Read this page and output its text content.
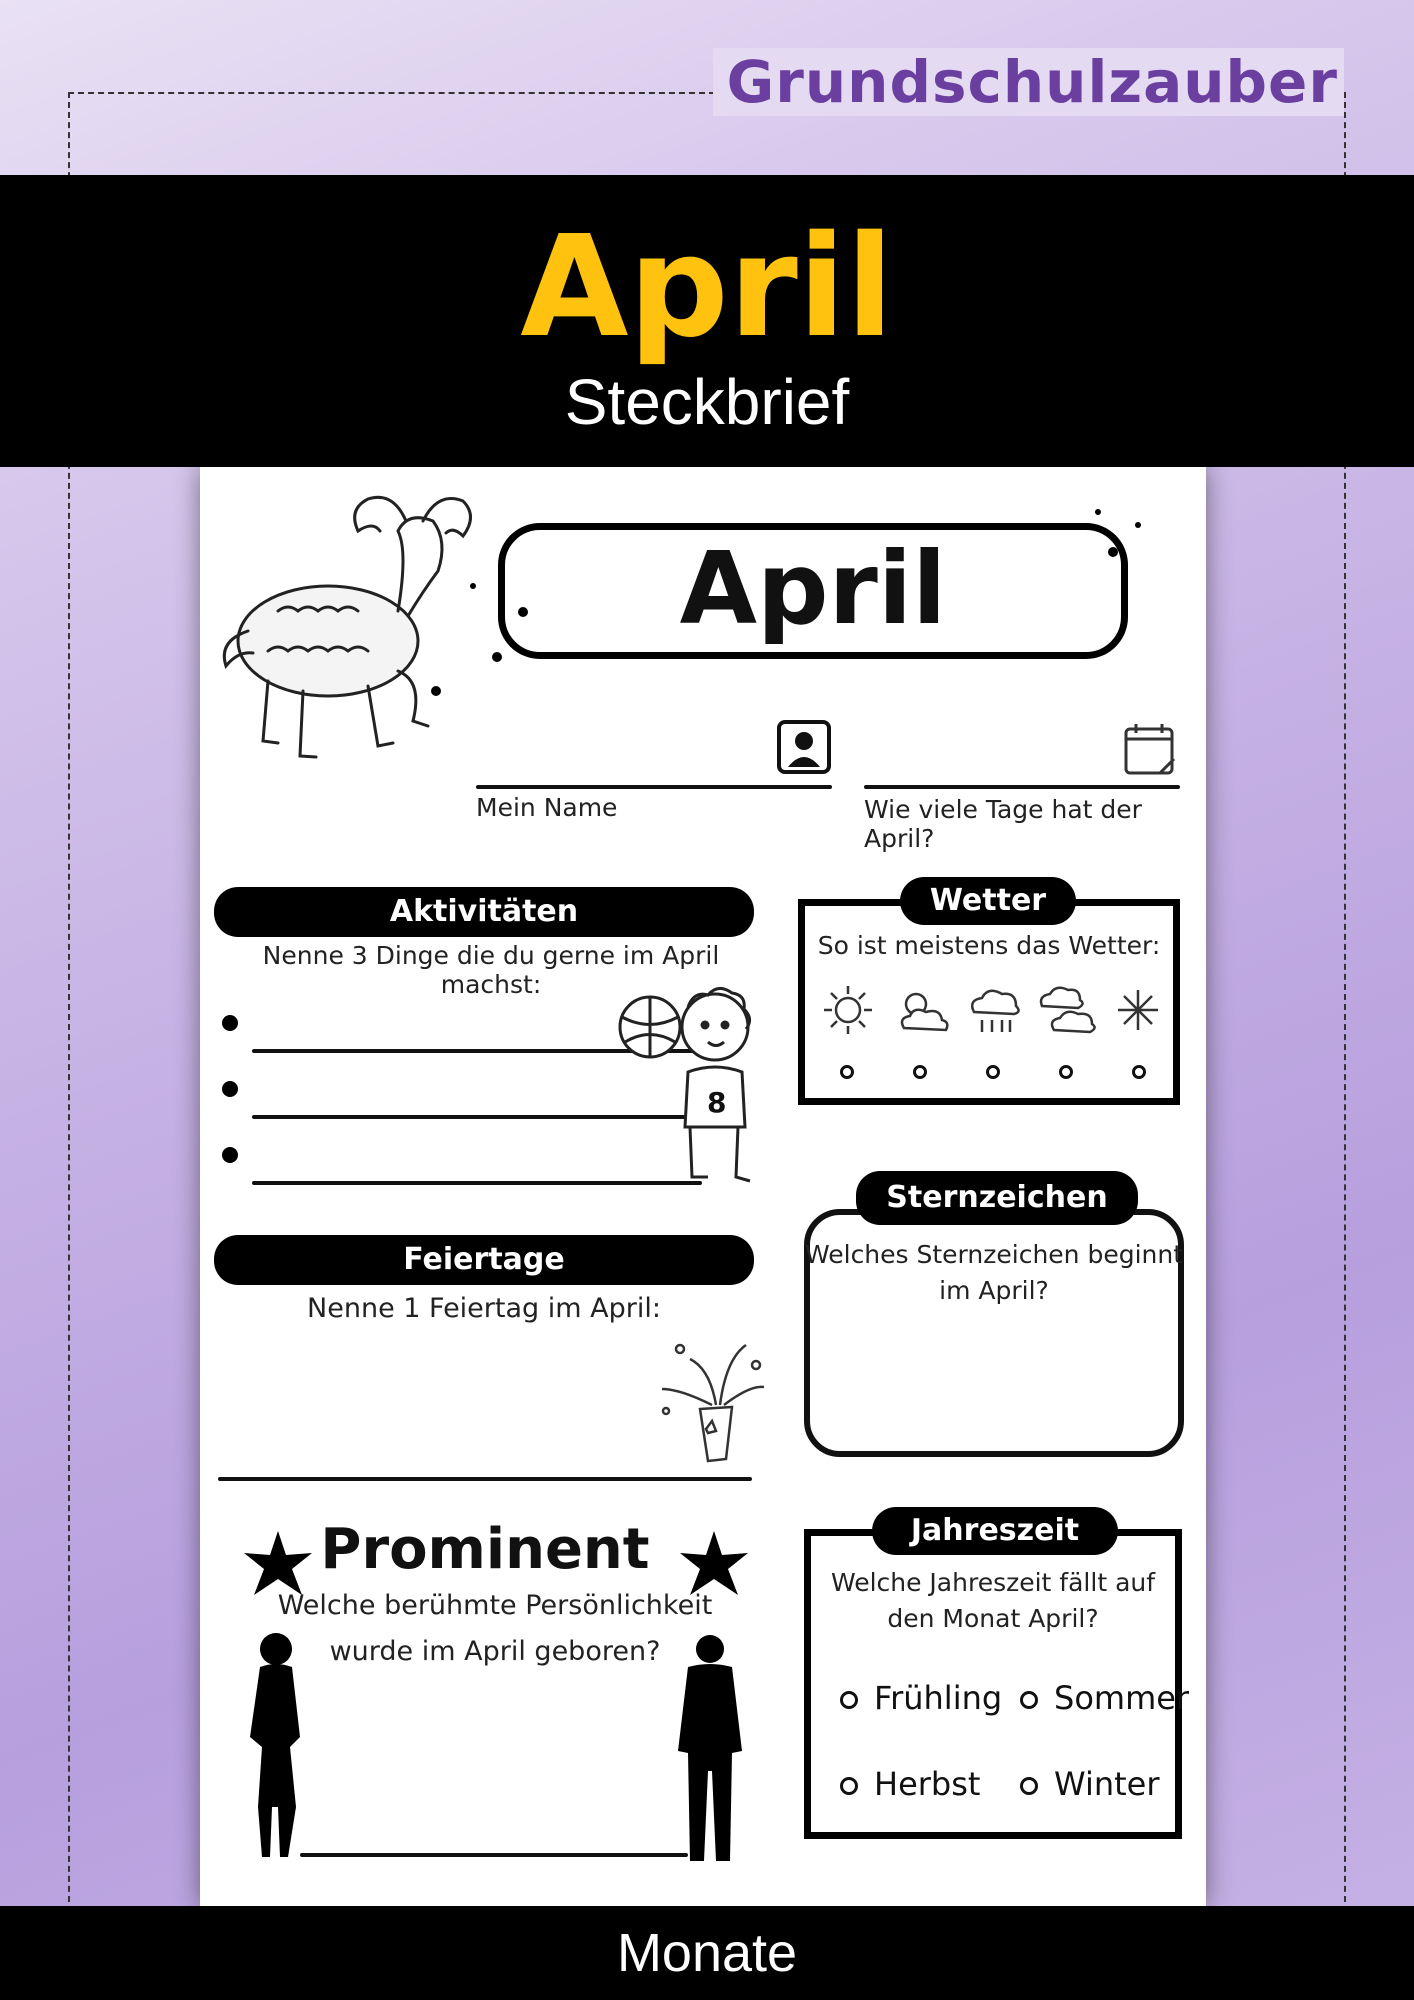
Grundschulzauber
April
Steckbrief
April
Mein Name	Wie viele Tage hat der April?
Aktivitäten
Nenne 3 Dinge die du gerne im April machst:
8
Wetter
So ist meistens das Wetter:
Feiertage
Nenne 1 Feiertag im April:
Sternzeichen
Welches Sternzeichen beginnt
im April?
Prominent
Welche berühmte Persönlichkeit
wurde im April geboren?
Jahreszeit
Welche Jahreszeit fällt auf
den Monat April?
Frühling Sommer
Herbst Winter
Monate
